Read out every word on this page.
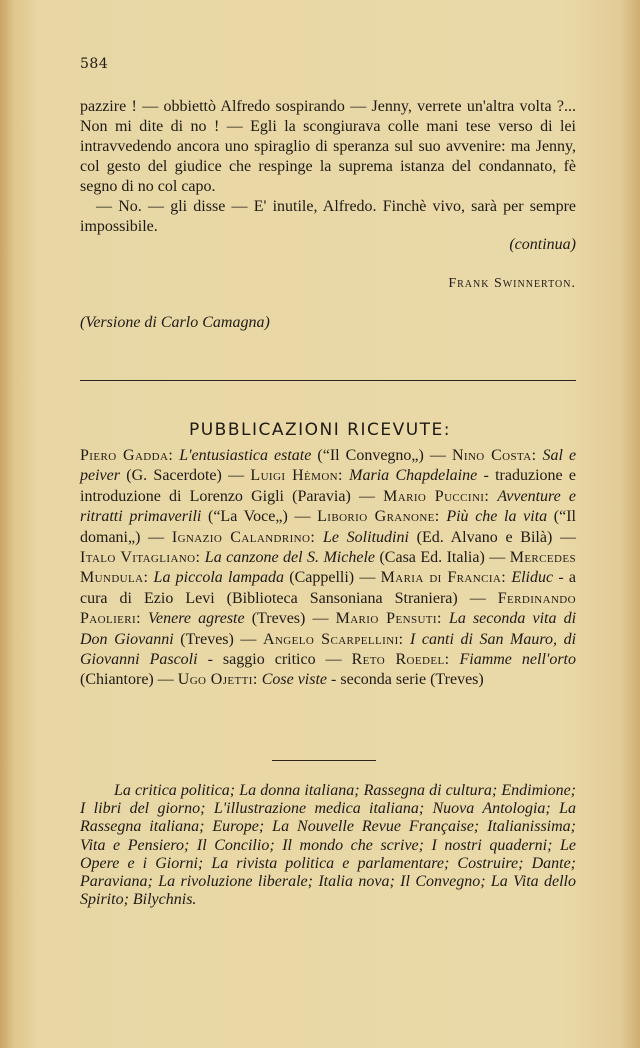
584

pazzire ! — obbiettò Alfredo sospirando — Jenny, verrete un'altra volta ?... Non mi dite di no ! — Egli la scongiurava colle mani tese verso di lei intravvedendo ancora uno spiraglio di speranza sul suo avvenire: ma Jenny, col gesto del giudice che respinge la suprema istanza del condannato, fè segno di no col capo.

— No. — gli disse — E' inutile, Alfredo. Finchè vivo, sarà per sempre impossibile.

(continua)
Frank Swinnerton.
(Versione di Carlo Camagna)
PUBBLICAZIONI RICEVUTE:
Piero Gadda: L'entusiastica estate (“Il Convegno„) — Nino Costa: Sal e peiver (G. Sacerdote) — Luigi Hèmon: Maria Chapdelaine - traduzione e introduzione di Lorenzo Gigli (Paravia) — Mario Puccini: Avventure e ritratti primaverili (“La Voce„) — Liborio Granone: Più che la vita (“Il domani„) — Ignazio Calandrino: Le Solitudini (Ed. Alvano e Bilà) — Italo Vitagliano: La canzone del S. Michele (Casa Ed. Italia) — Mercedes Mundula: La piccola lampada (Cappelli) — Maria di Francia: Eliduc - a cura di Ezio Levi (Biblioteca Sansoniana Straniera) — Ferdinando Paolieri: Venere agreste (Treves) — Mario Pensuti: La seconda vita di Don Giovanni (Treves) — Angelo Scarpellini: I canti di San Mauro, di Giovanni Pascoli - saggio critico — Reto Roedel: Fiamme nell'orto (Chiantore) — Ugo Ojetti: Cose viste - seconda serie (Treves)
La critica politica; La donna italiana; Rassegna di cultura; Endimione; I libri del giorno; L'illustrazione medica italiana; Nuova Antologia; La Rassegna italiana; Europe; La Nouvelle Revue Française; Italianissima; Vita e Pensiero; Il Concilio; Il mondo che scrive; I nostri quaderni; Le Opere e i Giorni; La rivista politica e parlamentare; Costruire; Dante; Paraviana; La rivoluzione liberale; Italia nova; Il Convegno; La Vita dello Spirito; Bilychnis.
